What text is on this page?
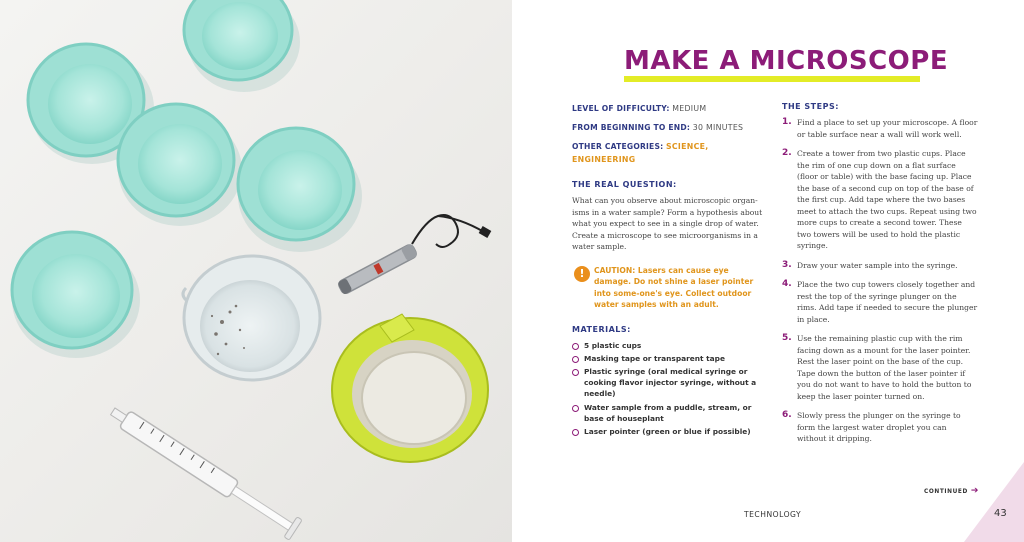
MAKE A MICROSCOPE
LEVEL OF DIFFICULTY: MEDIUM
FROM BEGINNING TO END: 30 MINUTES
OTHER CATEGORIES: SCIENCE,
ENGINEERING
THE REAL QUESTION:
What can you observe about microscopic organ-isms in a water sample? Form a hypothesis about what you expect to see in a single drop of water. Create a microscope to see microorganisms in a water sample.
!	CAUTION: Lasers can cause eye damage. Do not shine a laser pointer into some-one's eye. Collect outdoor water samples with an adult.
MATERIALS:
5 plastic cups
Masking tape or transparent tape
Plastic syringe (oral medical syringe or cooking flavor injector syringe, without a needle)
Water sample from a puddle, stream, or base of houseplant
Laser pointer (green or blue if possible)
THE STEPS:
1. Find a place to set up your microscope. A floor or table surface near a wall will work well.
2. Create a tower from two plastic cups. Place the rim of one cup down on a flat surface (floor or table) with the base facing up. Place the base of a second cup on top of the base of the first cup. Add tape where the two bases meet to attach the two cups. Repeat using two more cups to create a second tower. These two towers will be used to hold the plastic syringe.
3. Draw your water sample into the syringe.
4. Place the two cup towers closely together and rest the top of the syringe plunger on the rims. Add tape if needed to secure the plunger in place.
5. Use the remaining plastic cup with the rim facing down as a mount for the laser pointer. Rest the laser point on the base of the cup. Tape down the button of the laser pointer if you do not want to have to hold the button to keep the laser pointer turned on.
6. Slowly press the plunger on the syringe to form the largest water droplet you can without it dripping.
CONTINUED ➔
TECHNOLOGY	43
